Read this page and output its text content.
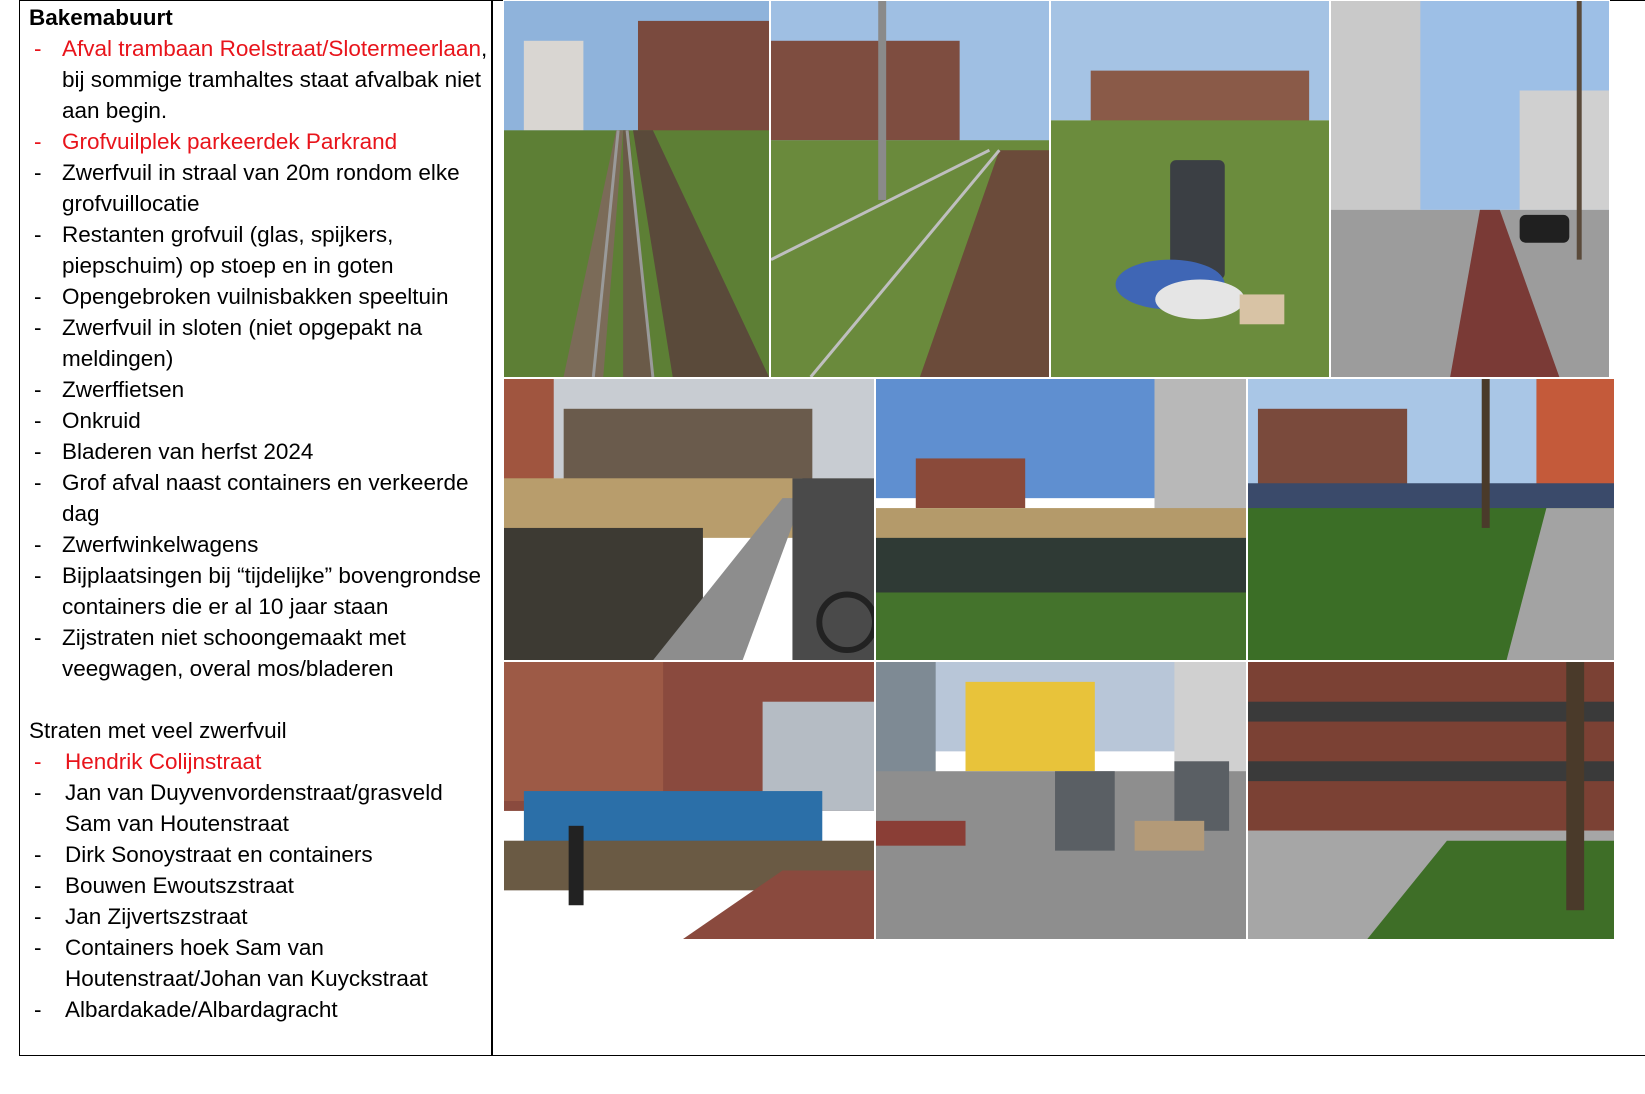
Bakemabuurt

- Afval trambaan Roelstraat/Slotermeerlaan, bij sommige tramhaltes staat afvalbak niet aan begin.
- Grofvuilplek parkeerdek Parkrand
- Zwerfvuil in straal van 20m rondom elke grofvuillocatie
- Restanten grofvuil (glas, spijkers, piepschuim) op stoep en in goten
- Opengebroken vuilnisbakken speeltuin
- Zwerfvuil in sloten (niet opgepakt na meldingen)
- Zwerffietsen
- Onkruid
- Bladeren van herfst 2024
- Grof afval naast containers en verkeerde dag
- Zwerfwinkelwagens
- Bijplaatsingen bij “tijdelijke” bovengrondse containers die er al 10 jaar staan
- Zijstraten niet schoongemaakt met veegwagen, overal mos/bladeren

Straten met veel zwerfvuil

- Hendrik Colijnstraat
- Jan van Duyvenvordenstraat/grasveld Sam van Houtenstraat
- Dirk Sonoystraat en containers
- Bouwen Ewoutszstraat
- Jan Zijvertszstraat
- Containers hoek Sam van Houtenstraat/Johan van Kuyckstraat
- Albardakade/Albardagracht
